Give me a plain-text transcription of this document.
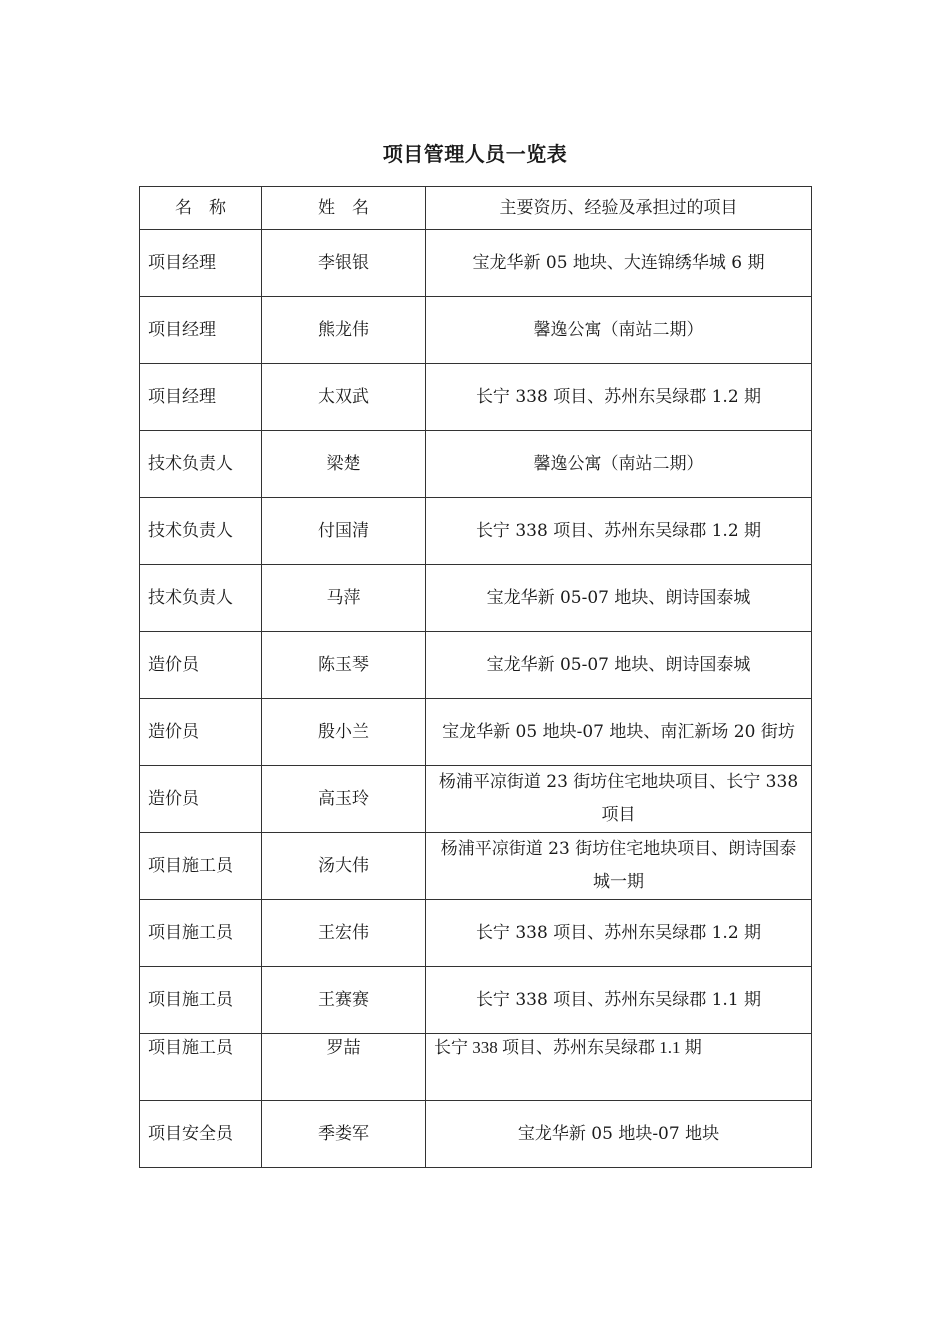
项目管理人员一览表
名　称	姓　名	主要资历、经验及承担过的项目
项目经理	李银银	宝龙华新 05 地块、大连锦绣华城 6 期
项目经理	熊龙伟	馨逸公寓（南站二期）
项目经理	太双武	长宁 338 项目、苏州东吴绿郡 1.2 期
技术负责人	梁楚	馨逸公寓（南站二期）
技术负责人	付国清	长宁 338 项目、苏州东吴绿郡 1.2 期
技术负责人	马萍	宝龙华新 05-07 地块、朗诗国泰城
造价员	陈玉琴	宝龙华新 05-07 地块、朗诗国泰城
造价员	殷小兰	宝龙华新 05 地块-07 地块、南汇新场 20 街坊
造价员	高玉玲	杨浦平凉街道 23 街坊住宅地块项目、长宁 338 项目
项目施工员	汤大伟	杨浦平凉街道 23 街坊住宅地块项目、朗诗国泰城一期
项目施工员	王宏伟	长宁 338 项目、苏州东吴绿郡 1.2 期
项目施工员	王赛赛	长宁 338 项目、苏州东吴绿郡 1.1 期
项目施工员	罗喆	长宁 338 项目、苏州东吴绿郡 1.1 期
项目安全员	季娄军	宝龙华新 05 地块-07 地块
